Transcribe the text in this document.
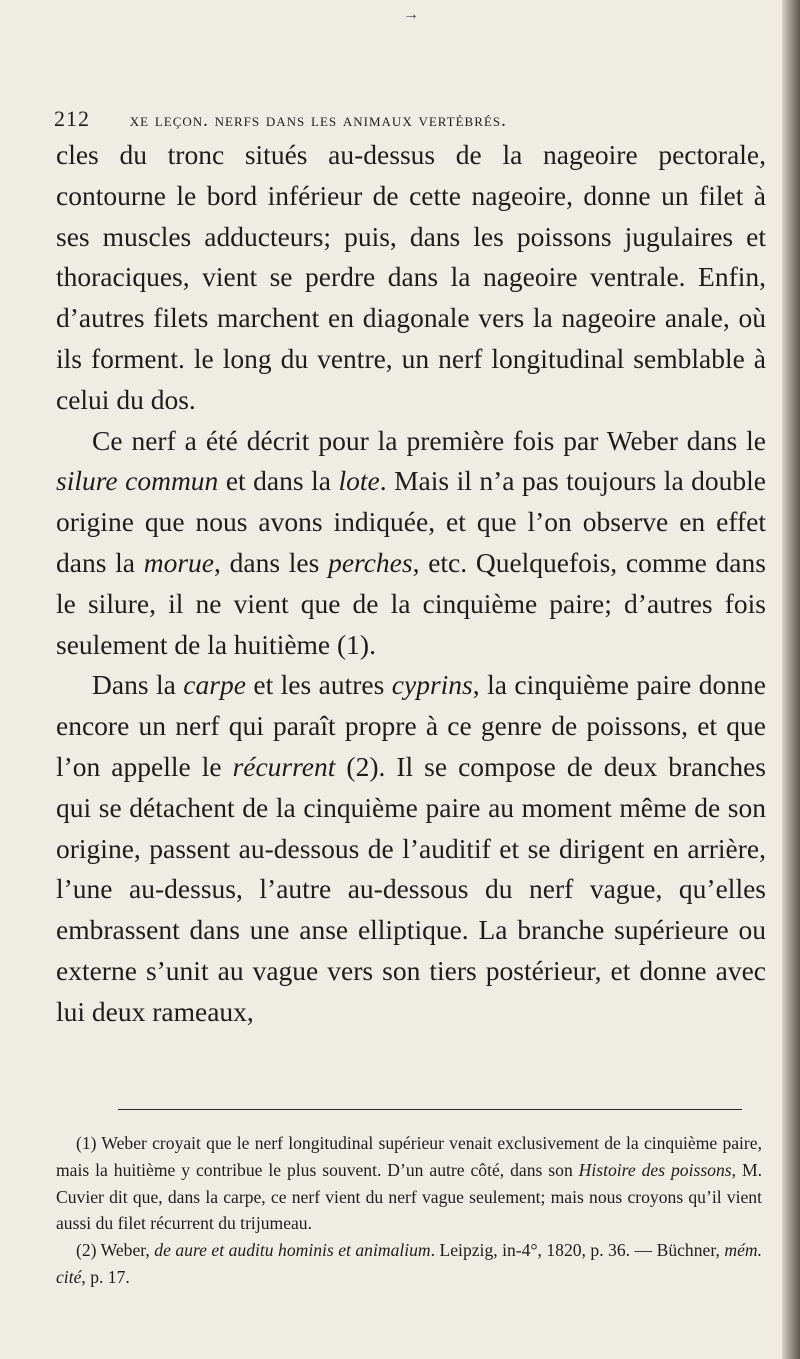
→
212 xe leçon. nerfs dans les animaux vertébrés.

cles du tronc situés au-dessus de la nageoire pectorale, contourne le bord inférieur de cette nageoire, donne un filet à ses muscles adducteurs; puis, dans les poissons jugulaires et thoraciques, vient se perdre dans la nageoire ventrale. Enfin, d’autres filets marchent en diagonale vers la nageoire anale, où ils forment. le long du ventre, un nerf longitudinal semblable à celui du dos.

Ce nerf a été décrit pour la première fois par Weber dans le silure commun et dans la lote. Mais il n’a pas toujours la double origine que nous avons indiquée, et que l’on observe en effet dans la morue, dans les perches, etc. Quelquefois, comme dans le silure, il ne vient que de la cinquième paire; d’autres fois seulement de la huitième (1).

Dans la carpe et les autres cyprins, la cinquième paire donne encore un nerf qui paraît propre à ce genre de poissons, et que l’on appelle le récurrent (2). Il se compose de deux branches qui se détachent de la cinquième paire au moment même de son origine, passent au-dessous de l’auditif et se dirigent en arrière, l’une au-dessus, l’autre au-dessous du nerf vague, qu’elles embrassent dans une anse elliptique. La branche supérieure ou externe s’unit au vague vers son tiers postérieur, et donne avec lui deux rameaux,

(1) Weber croyait que le nerf longitudinal supérieur venait exclusivement de la cinquième paire, mais la huitième y contribue le plus souvent. D’un autre côté, dans son Histoire des poissons, M. Cuvier dit que, dans la carpe, ce nerf vient du nerf vague seulement; mais nous croyons qu’il vient aussi du filet récurrent du trijumeau.

(2) Weber, de aure et auditu hominis et animalium. Leipzig, in-4°, 1820, p. 36. — Büchner, mém. cité, p. 17.
